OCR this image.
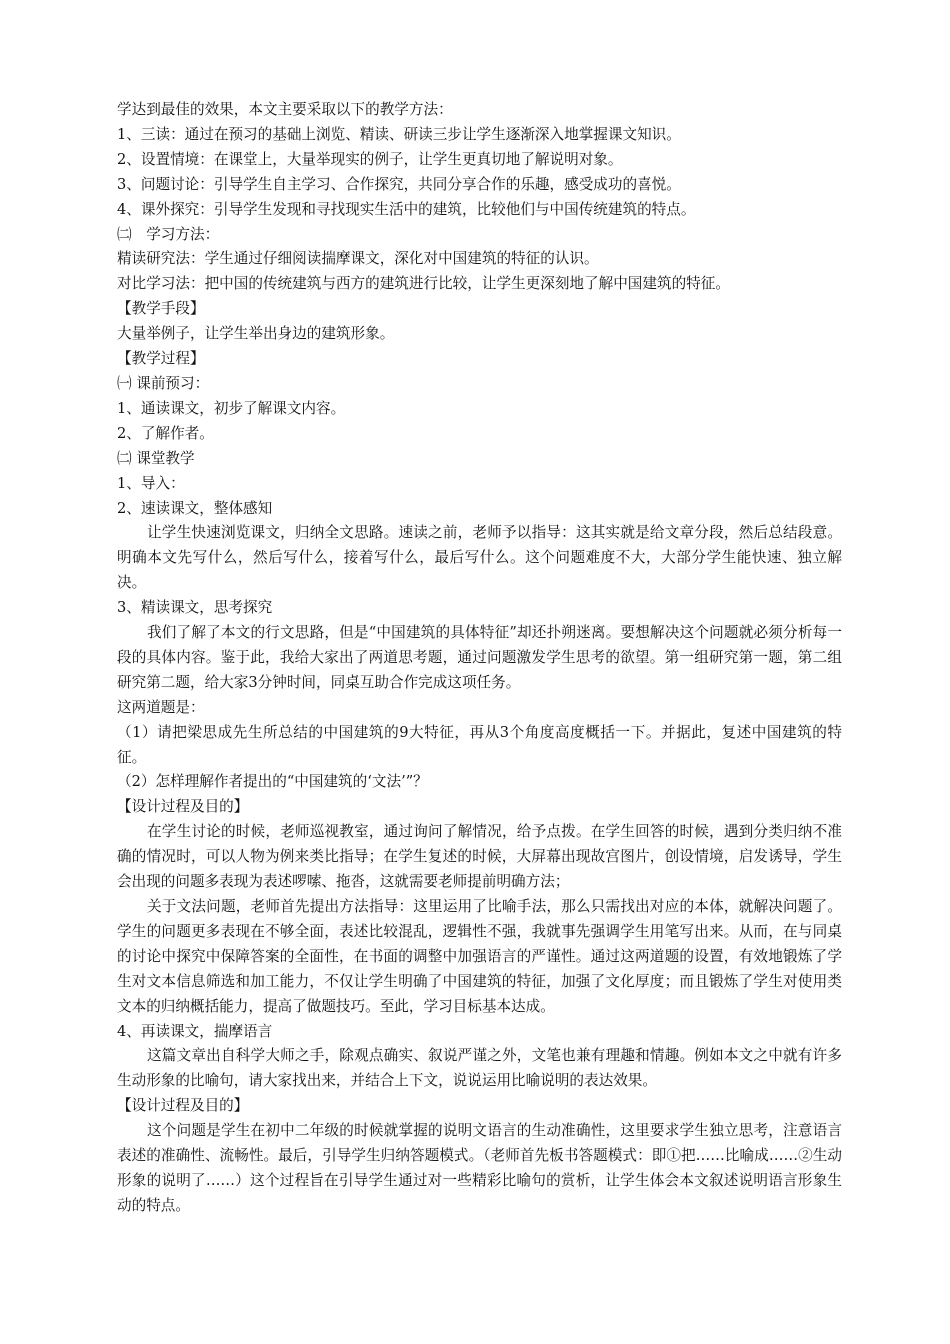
学达到最佳的效果，本文主要采取以下的教学方法：
1、三读：通过在预习的基础上浏览、精读、研读三步让学生逐渐深入地掌握课文知识。
2、设置情境：在课堂上，大量举现实的例子，让学生更真切地了解说明对象。
3、问题讨论：引导学生自主学习、合作探究，共同分享合作的乐趣，感受成功的喜悦。
4、课外探究：引导学生发现和寻找现实生活中的建筑，比较他们与中国传统建筑的特点。
㈡　学习方法：
精读研究法：学生通过仔细阅读揣摩课文，深化对中国建筑的特征的认识。
对比学习法：把中国的传统建筑与西方的建筑进行比较，让学生更深刻地了解中国建筑的特征。
【教学手段】
大量举例子，让学生举出身边的建筑形象。
【教学过程】
㈠ 课前预习：
1、通读课文，初步了解课文内容。
2、了解作者。
㈡ 课堂教学
1、导入：
2、速读课文，整体感知
让学生快速浏览课文，归纳全文思路。速读之前，老师予以指导：这其实就是给文章分段，然后总结段意。明确本文先写什么，然后写什么，接着写什么，最后写什么。这个问题难度不大，大部分学生能快速、独立解决。
3、精读课文，思考探究
我们了解了本文的行文思路，但是“中国建筑的具体特征”却还扑朔迷离。要想解决这个问题就必须分析每一段的具体内容。鉴于此，我给大家出了两道思考题，通过问题激发学生思考的欲望。第一组研究第一题，第二组研究第二题，给大家3分钟时间，同桌互助合作完成这项任务。
这两道题是：
（1）请把梁思成先生所总结的中国建筑的9大特征，再从3个角度高度概括一下。并据此，复述中国建筑的特征。
（2）怎样理解作者提出的“中国建筑的‘文法’”？
【设计过程及目的】
在学生讨论的时候，老师巡视教室，通过询问了解情况，给予点拨。在学生回答的时候，遇到分类归纳不准确的情况时，可以人物为例来类比指导；在学生复述的时候，大屏幕出现故宫图片，创设情境，启发诱导，学生会出现的问题多表现为表述啰嗦、拖沓，这就需要老师提前明确方法；
关于文法问题，老师首先提出方法指导：这里运用了比喻手法，那么只需找出对应的本体，就解决问题了。学生的问题更多表现在不够全面，表述比较混乱，逻辑性不强，我就事先强调学生用笔写出来。从而，在与同桌的讨论中探究中保障答案的全面性，在书面的调整中加强语言的严谨性。通过这两道题的设置，有效地锻炼了学生对文本信息筛选和加工能力，不仅让学生明确了中国建筑的特征，加强了文化厚度；而且锻炼了学生对使用类文本的归纳概括能力，提高了做题技巧。至此，学习目标基本达成。
4、再读课文，揣摩语言
这篇文章出自科学大师之手，除观点确实、叙说严谨之外，文笔也兼有理趣和情趣。例如本文之中就有许多生动形象的比喻句，请大家找出来，并结合上下文，说说运用比喻说明的表达效果。
【设计过程及目的】
这个问题是学生在初中二年级的时候就掌握的说明文语言的生动准确性，这里要求学生独立思考，注意语言表述的准确性、流畅性。最后，引导学生归纳答题模式。（老师首先板书答题模式：即①把……比喻成……②生动形象的说明了……）这个过程旨在引导学生通过对一些精彩比喻句的赏析，让学生体会本文叙述说明语言形象生动的特点。
